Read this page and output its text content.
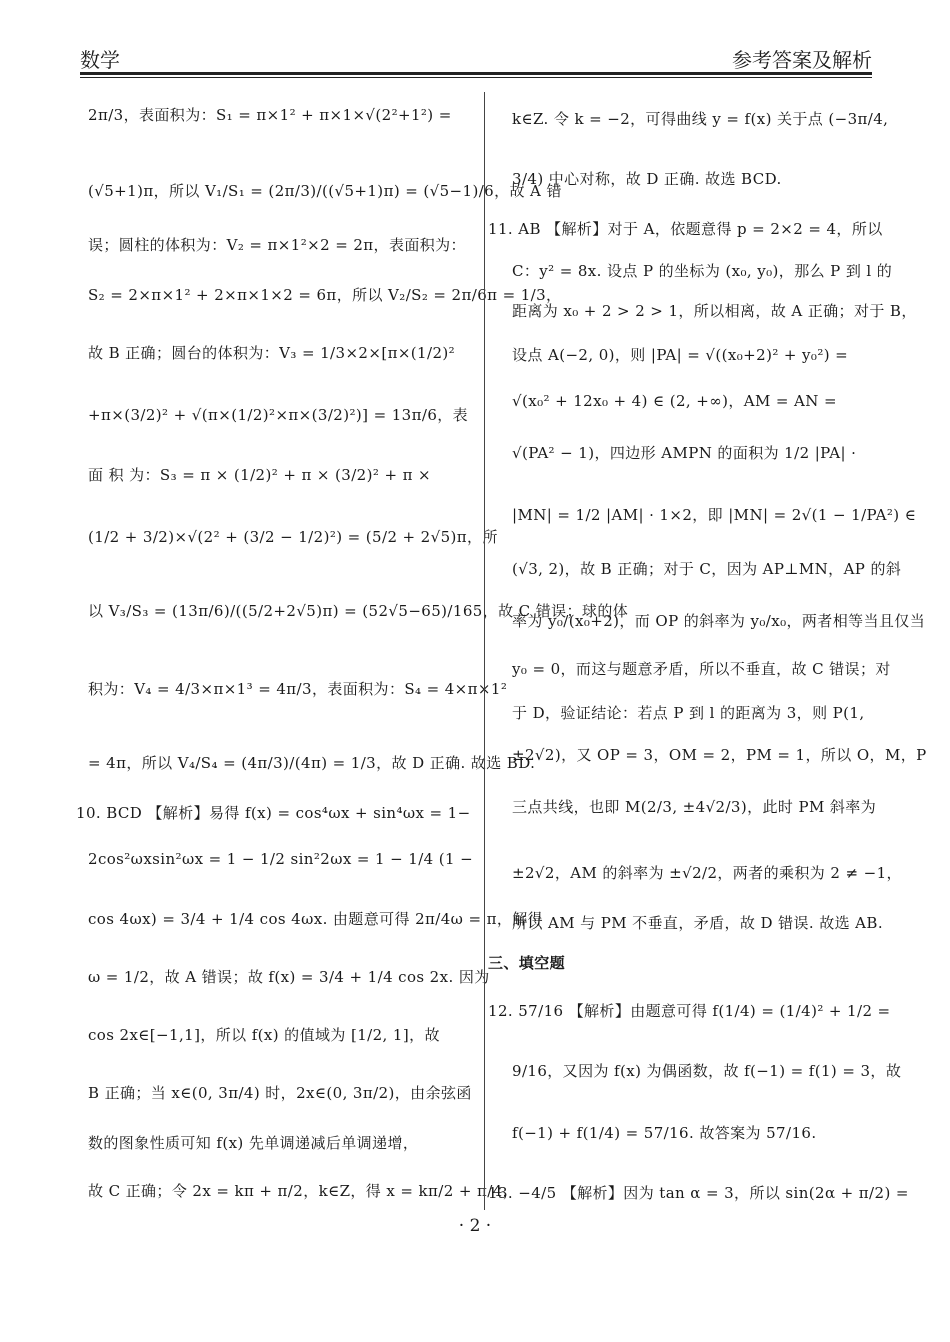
数学	参考答案及解析
2π/3，表面积为：S₁ = π×1² + π×1×√(2²+1²) =
(√5+1)π，所以 V₁/S₁ = (2π/3)/((√5+1)π) = (√5−1)/6，故 A 错
误；圆柱的体积为：V₂ = π×1²×2 = 2π，表面积为：
S₂ = 2×π×1² + 2×π×1×2 = 6π，所以 V₂/S₂ = 2π/6π = 1/3，
故 B 正确；圆台的体积为：V₃ = 1/3×2×[π×(1/2)²
+π×(3/2)² + √(π×(1/2)²×π×(3/2)²)] = 13π/6，表
面 积 为：S₃ = π × (1/2)² + π × (3/2)² + π ×
(1/2 + 3/2)×√(2² + (3/2 − 1/2)²) = (5/2 + 2√5)π，所
以 V₃/S₃ = (13π/6)/((5/2+2√5)π) = (52√5−65)/165，故 C 错误；球的体
积为：V₄ = 4/3×π×1³ = 4π/3，表面积为：S₄ = 4×π×1²
= 4π，所以 V₄/S₄ = (4π/3)/(4π) = 1/3，故 D 正确. 故选 BD.
10. BCD 【解析】易得 f(x) = cos⁴ωx + sin⁴ωx = 1−
2cos²ωxsin²ωx = 1 − 1/2 sin²2ωx = 1 − 1/4 (1 −
cos 4ωx) = 3/4 + 1/4 cos 4ωx. 由题意可得 2π/4ω = π，解得
ω = 1/2，故 A 错误；故 f(x) = 3/4 + 1/4 cos 2x. 因为
cos 2x∈[−1,1]，所以 f(x) 的值域为 [1/2, 1]，故
B 正确；当 x∈(0, 3π/4) 时，2x∈(0, 3π/2)，由余弦函
数的图象性质可知 f(x) 先单调递减后单调递增，
故 C 正确；令 2x = kπ + π/2，k∈Z，得 x = kπ/2 + π/4，
k∈Z. 令 k = −2，可得曲线 y = f(x) 关于点 (−3π/4,
3/4) 中心对称，故 D 正确. 故选 BCD.
11. AB 【解析】对于 A，依题意得 p = 2×2 = 4，所以
C：y² = 8x. 设点 P 的坐标为 (x₀, y₀)，那么 P 到 l 的
距离为 x₀ + 2 > 2 > 1，所以相离，故 A 正确；对于 B，
设点 A(−2, 0)，则 |PA| = √((x₀+2)² + y₀²) =
√(x₀² + 12x₀ + 4) ∈ (2, +∞)，AM = AN =
√(PA² − 1)，四边形 AMPN 的面积为 1/2 |PA| ·
|MN| = 1/2 |AM| · 1×2，即 |MN| = 2√(1 − 1/PA²) ∈
(√3, 2)，故 B 正确；对于 C，因为 AP⊥MN，AP 的斜
率为 y₀/(x₀+2)，而 OP 的斜率为 y₀/x₀，两者相等当且仅当
y₀ = 0，而这与题意矛盾，所以不垂直，故 C 错误；对
于 D，验证结论：若点 P 到 l 的距离为 3，则 P(1,
±2√2)，又 OP = 3，OM = 2，PM = 1，所以 O，M，P
三点共线，也即 M(2/3, ±4√2/3)，此时 PM 斜率为
±2√2，AM 的斜率为 ±√2/2，两者的乘积为 2 ≠ −1，
所以 AM 与 PM 不垂直，矛盾，故 D 错误. 故选 AB.
三、填空题
12. 57/16 【解析】由题意可得 f(1/4) = (1/4)² + 1/2 =
9/16，又因为 f(x) 为偶函数，故 f(−1) = f(1) = 3，故
f(−1) + f(1/4) = 57/16. 故答案为 57/16.
13. −4/5 【解析】因为 tan α = 3，所以 sin(2α + π/2) =
· 2 ·
